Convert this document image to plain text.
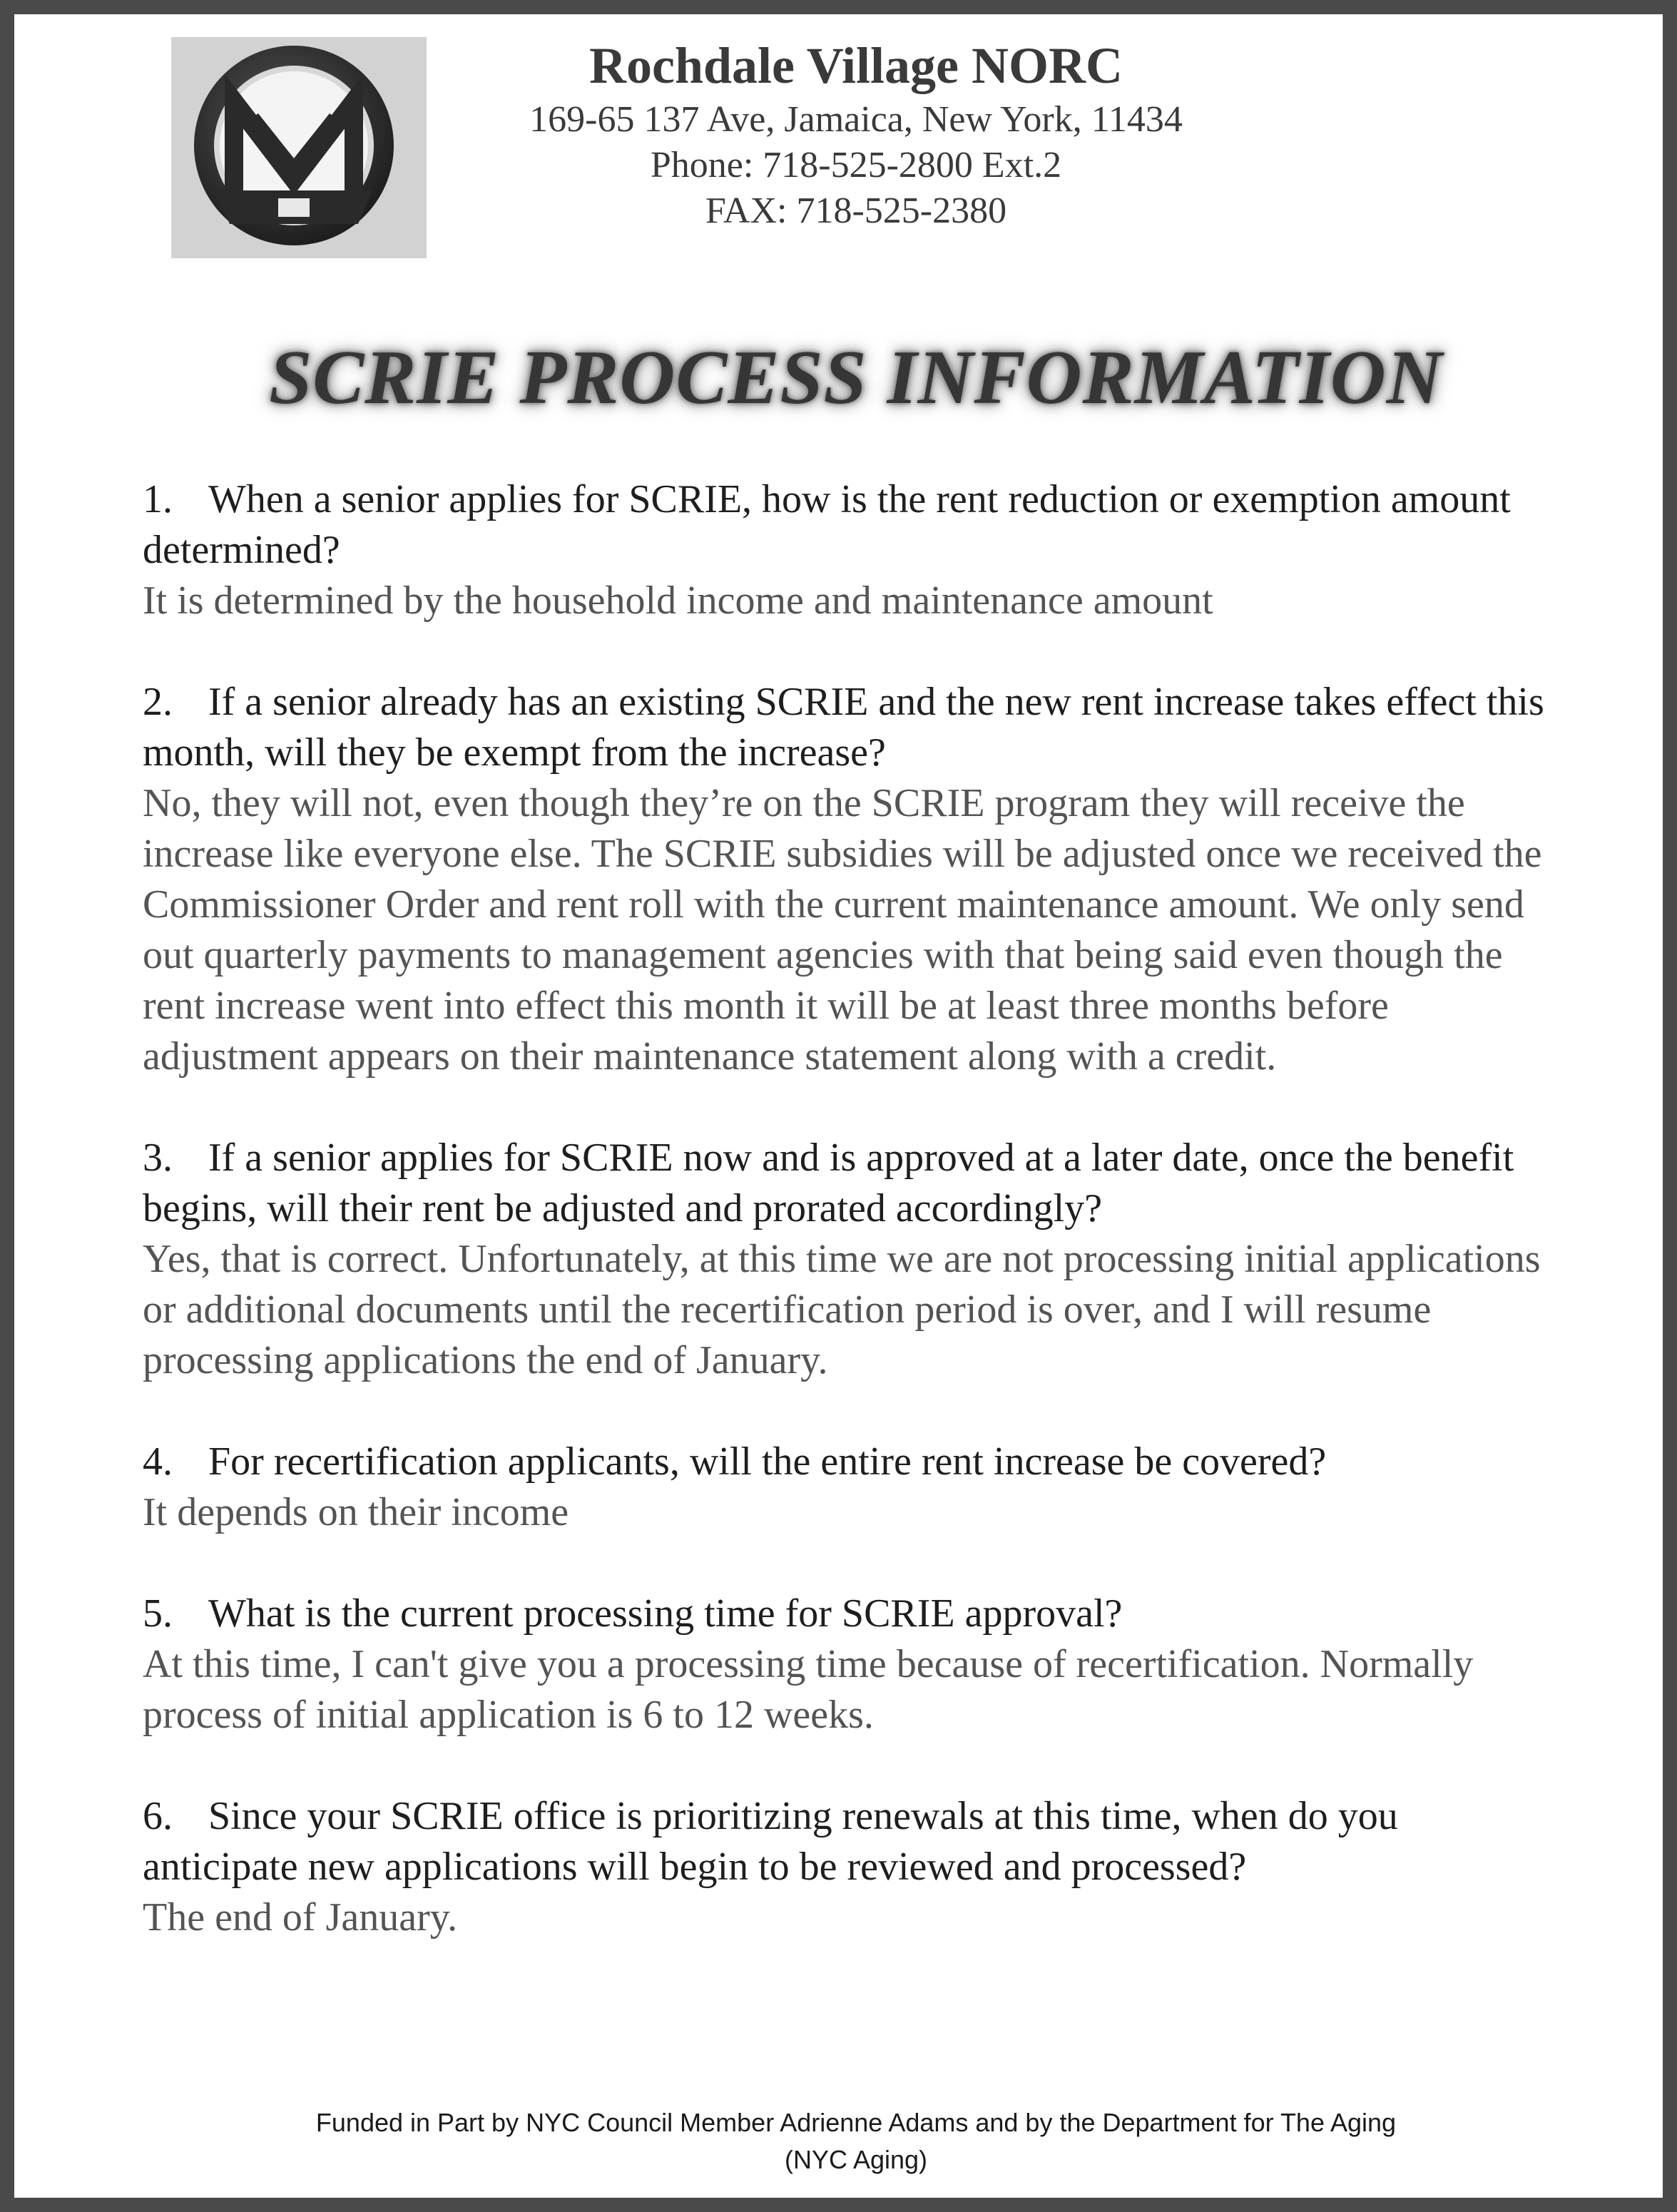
Rochdale Village NORC
169-65 137 Ave, Jamaica, New York, 11434
Phone: 718-525-2800 Ext.2
FAX: 718-525-2380
SCRIE PROCESS INFORMATION
1. When a senior applies for SCRIE, how is the rent reduction or exemption amount determined?
It is determined by the household income and maintenance amount
2. If a senior already has an existing SCRIE and the new rent increase takes effect this month, will they be exempt from the increase?
No, they will not, even though they’re on the SCRIE program they will receive the increase like everyone else. The SCRIE subsidies will be adjusted once we received the Commissioner Order and rent roll with the current maintenance amount. We only send out quarterly payments to management agencies with that being said even though the rent increase went into effect this month it will be at least three months before adjustment appears on their maintenance statement along with a credit.
3. If a senior applies for SCRIE now and is approved at a later date, once the benefit begins, will their rent be adjusted and prorated accordingly?
Yes, that is correct. Unfortunately, at this time we are not processing initial applications or additional documents until the recertification period is over, and I will resume processing applications the end of January.
4. For recertification applicants, will the entire rent increase be covered?
It depends on their income
5. What is the current processing time for SCRIE approval?
At this time, I can't give you a processing time because of recertification. Normally process of initial application is 6 to 12 weeks.
6. Since your SCRIE office is prioritizing renewals at this time, when do you anticipate new applications will begin to be reviewed and processed?
The end of January.
Funded in Part by NYC Council Member Adrienne Adams and by the Department for The Aging
(NYC Aging)
